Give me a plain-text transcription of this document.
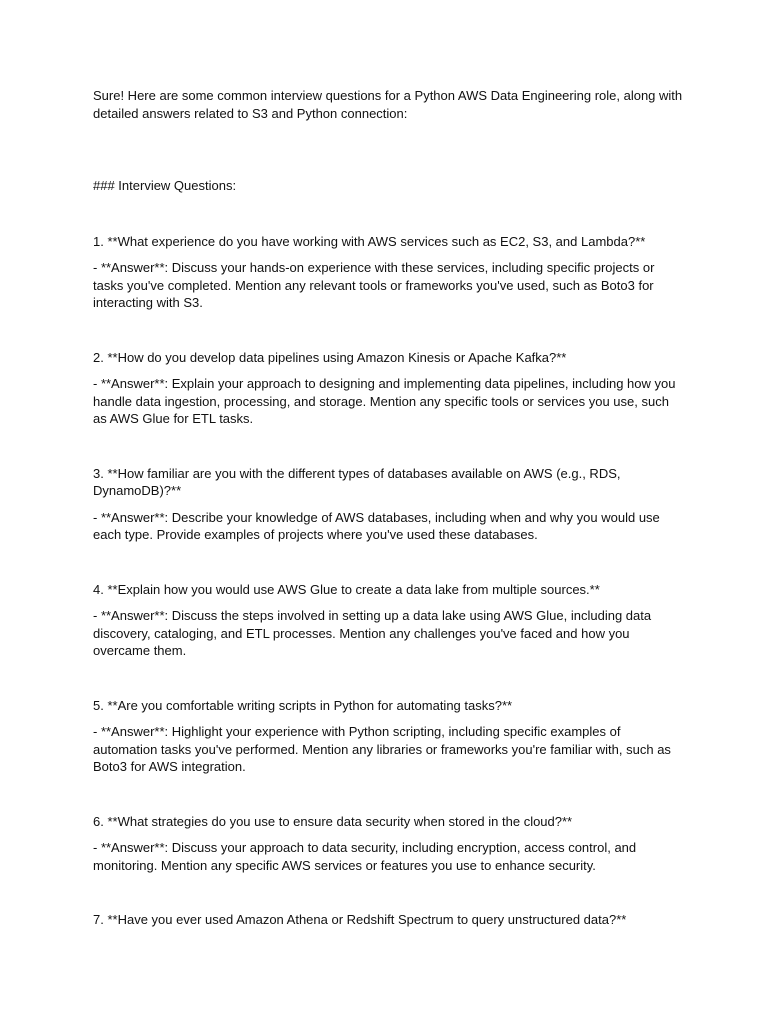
Sure! Here are some common interview questions for a Python AWS Data Engineering role, along with detailed answers related to S3 and Python connection:

### Interview Questions:

1. **What experience do you have working with AWS services such as EC2, S3, and Lambda?**

- **Answer**: Discuss your hands-on experience with these services, including specific projects or tasks you've completed. Mention any relevant tools or frameworks you've used, such as Boto3 for interacting with S3.

2. **How do you develop data pipelines using Amazon Kinesis or Apache Kafka?**

- **Answer**: Explain your approach to designing and implementing data pipelines, including how you handle data ingestion, processing, and storage. Mention any specific tools or services you use, such as AWS Glue for ETL tasks.

3. **How familiar are you with the different types of databases available on AWS (e.g., RDS, DynamoDB)?**

- **Answer**: Describe your knowledge of AWS databases, including when and why you would use each type. Provide examples of projects where you've used these databases.

4. **Explain how you would use AWS Glue to create a data lake from multiple sources.**

- **Answer**: Discuss the steps involved in setting up a data lake using AWS Glue, including data discovery, cataloging, and ETL processes. Mention any challenges you've faced and how you overcame them.

5. **Are you comfortable writing scripts in Python for automating tasks?**

- **Answer**: Highlight your experience with Python scripting, including specific examples of automation tasks you've performed. Mention any libraries or frameworks you're familiar with, such as Boto3 for AWS integration.

6. **What strategies do you use to ensure data security when stored in the cloud?**

- **Answer**: Discuss your approach to data security, including encryption, access control, and monitoring. Mention any specific AWS services or features you use to enhance security.

7. **Have you ever used Amazon Athena or Redshift Spectrum to query unstructured data?**
